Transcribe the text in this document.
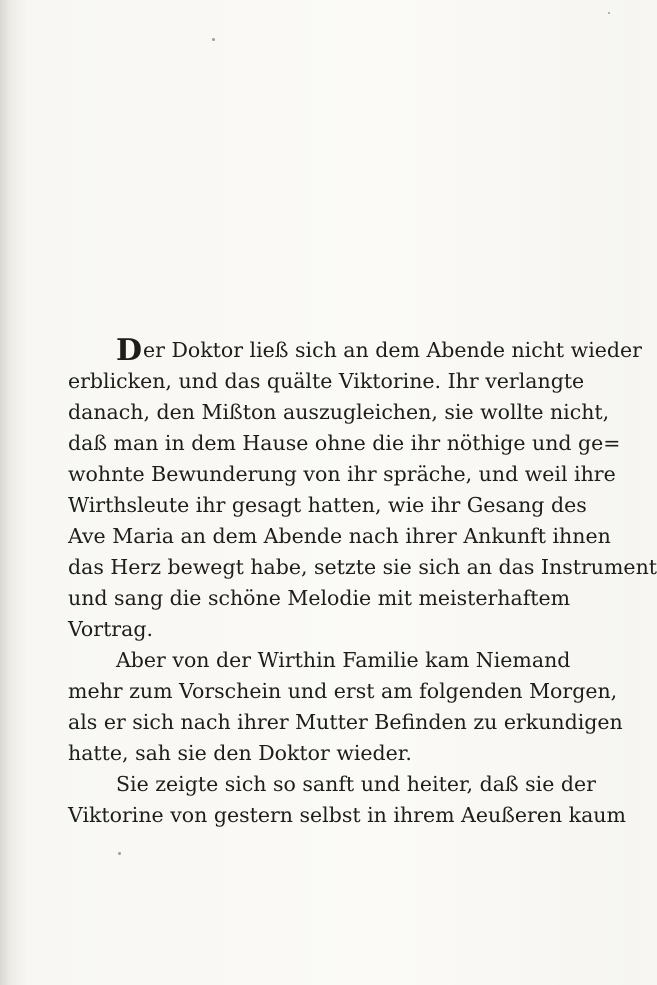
Der Doktor ließ sich an dem Abende nicht wieder
erblicken, und das quälte Viktorine. Ihr verlangte
danach, den Mißton auszugleichen, sie wollte nicht,
daß man in dem Hause ohne die ihr nöthige und ge=
wohnte Bewunderung von ihr spräche, und weil ihre
Wirthsleute ihr gesagt hatten, wie ihr Gesang des
Ave Maria an dem Abende nach ihrer Ankunft ihnen
das Herz bewegt habe, setzte sie sich an das Instrument
und sang die schöne Melodie mit meisterhaftem
Vortrag.
Aber von der Wirthin Familie kam Niemand
mehr zum Vorschein und erst am folgenden Morgen,
als er sich nach ihrer Mutter Befinden zu erkundigen
hatte, sah sie den Doktor wieder.
Sie zeigte sich so sanft und heiter, daß sie der
Viktorine von gestern selbst in ihrem Aeußeren kaum
